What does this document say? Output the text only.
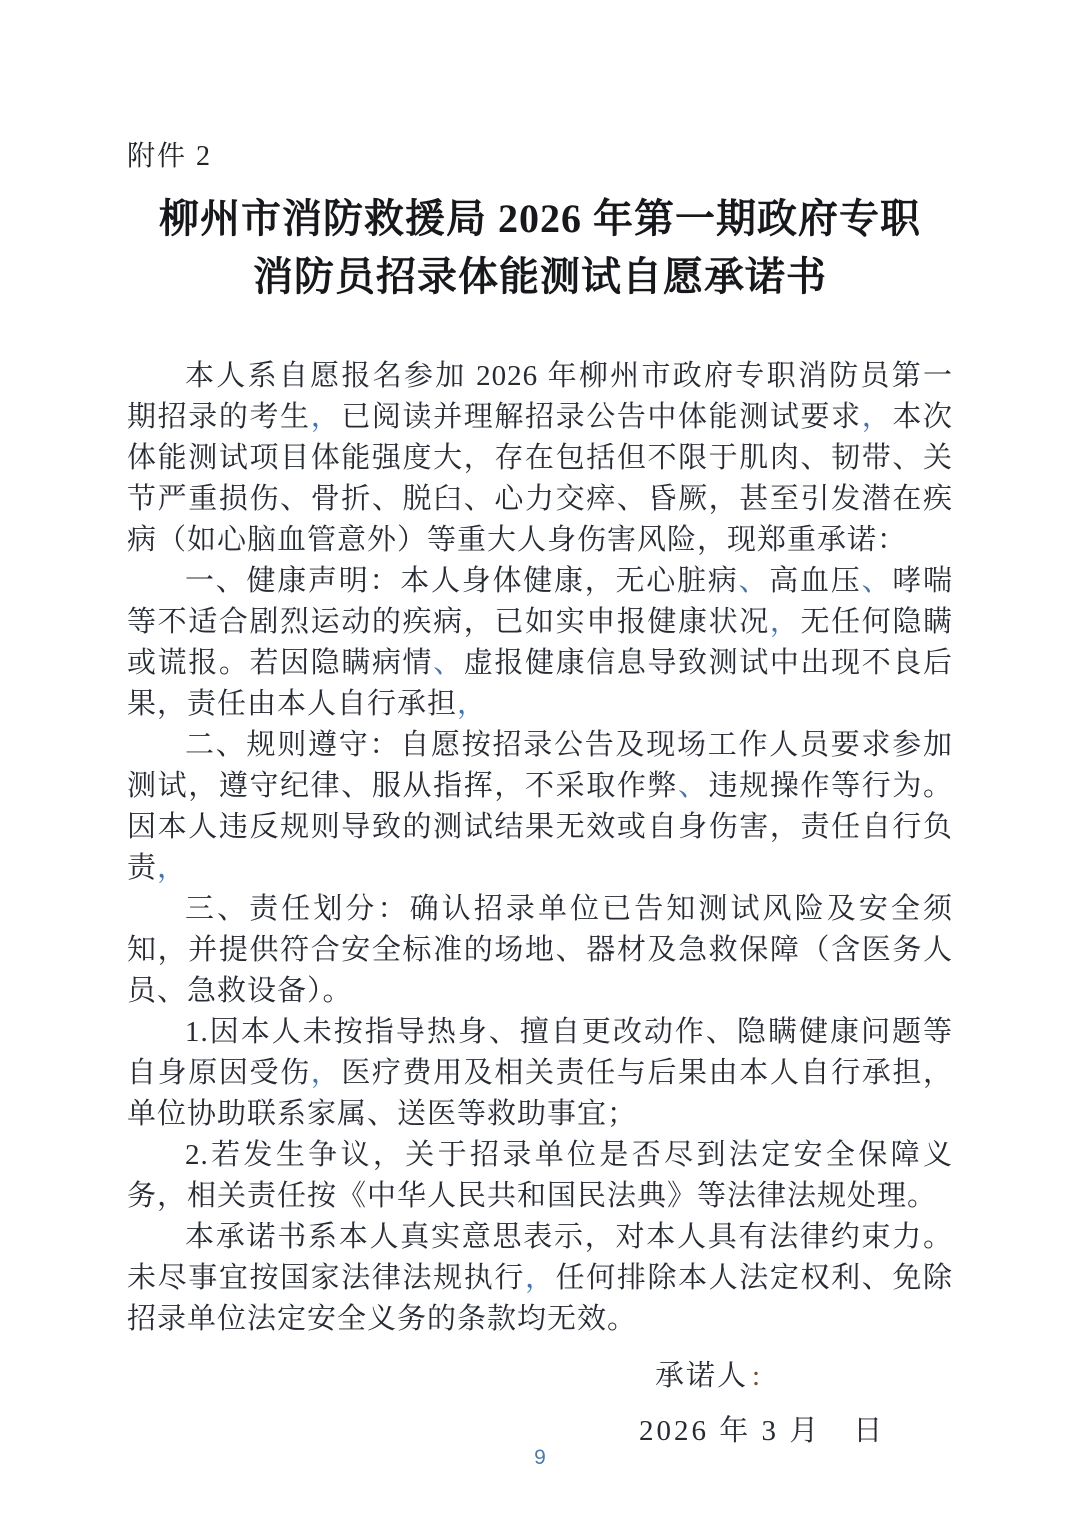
附件 2
柳州市消防救援局 2026 年第一期政府专职
消防员招录体能测试自愿承诺书

本人系自愿报名参加 2026 年柳州市政府专职消防员第一期招录的考生，已阅读并理解招录公告中体能测试要求，本次体能测试项目体能强度大，存在包括但不限于肌肉、韧带、关节严重损伤、骨折、脱臼、心力交瘁、昏厥，甚至引发潜在疾病（如心脑血管意外）等重大人身伤害风险，现郑重承诺：

一、健康声明：本人身体健康，无心脏病、高血压、哮喘等不适合剧烈运动的疾病，已如实申报健康状况，无任何隐瞒或谎报。若因隐瞒病情、虚报健康信息导致测试中出现不良后果，责任由本人自行承担，

二、规则遵守：自愿按招录公告及现场工作人员要求参加测试，遵守纪律、服从指挥，不采取作弊、违规操作等行为。因本人违反规则导致的测试结果无效或自身伤害，责任自行负责，

三、责任划分：确认招录单位已告知测试风险及安全须知，并提供符合安全标准的场地、器材及急救保障（含医务人员、急救设备）。

1.因本人未按指导热身、擅自更改动作、隐瞒健康问题等自身原因受伤，医疗费用及相关责任与后果由本人自行承担，单位协助联系家属、送医等救助事宜；

2.若发生争议，关于招录单位是否尽到法定安全保障义务，相关责任按《中华人民共和国民法典》等法律法规处理。

本承诺书系本人真实意思表示，对本人具有法律约束力。未尽事宜按国家法律法规执行，任何排除本人法定权利、免除招录单位法定安全义务的条款均无效。

承诺人 :
2026 年 3 月　日
9
